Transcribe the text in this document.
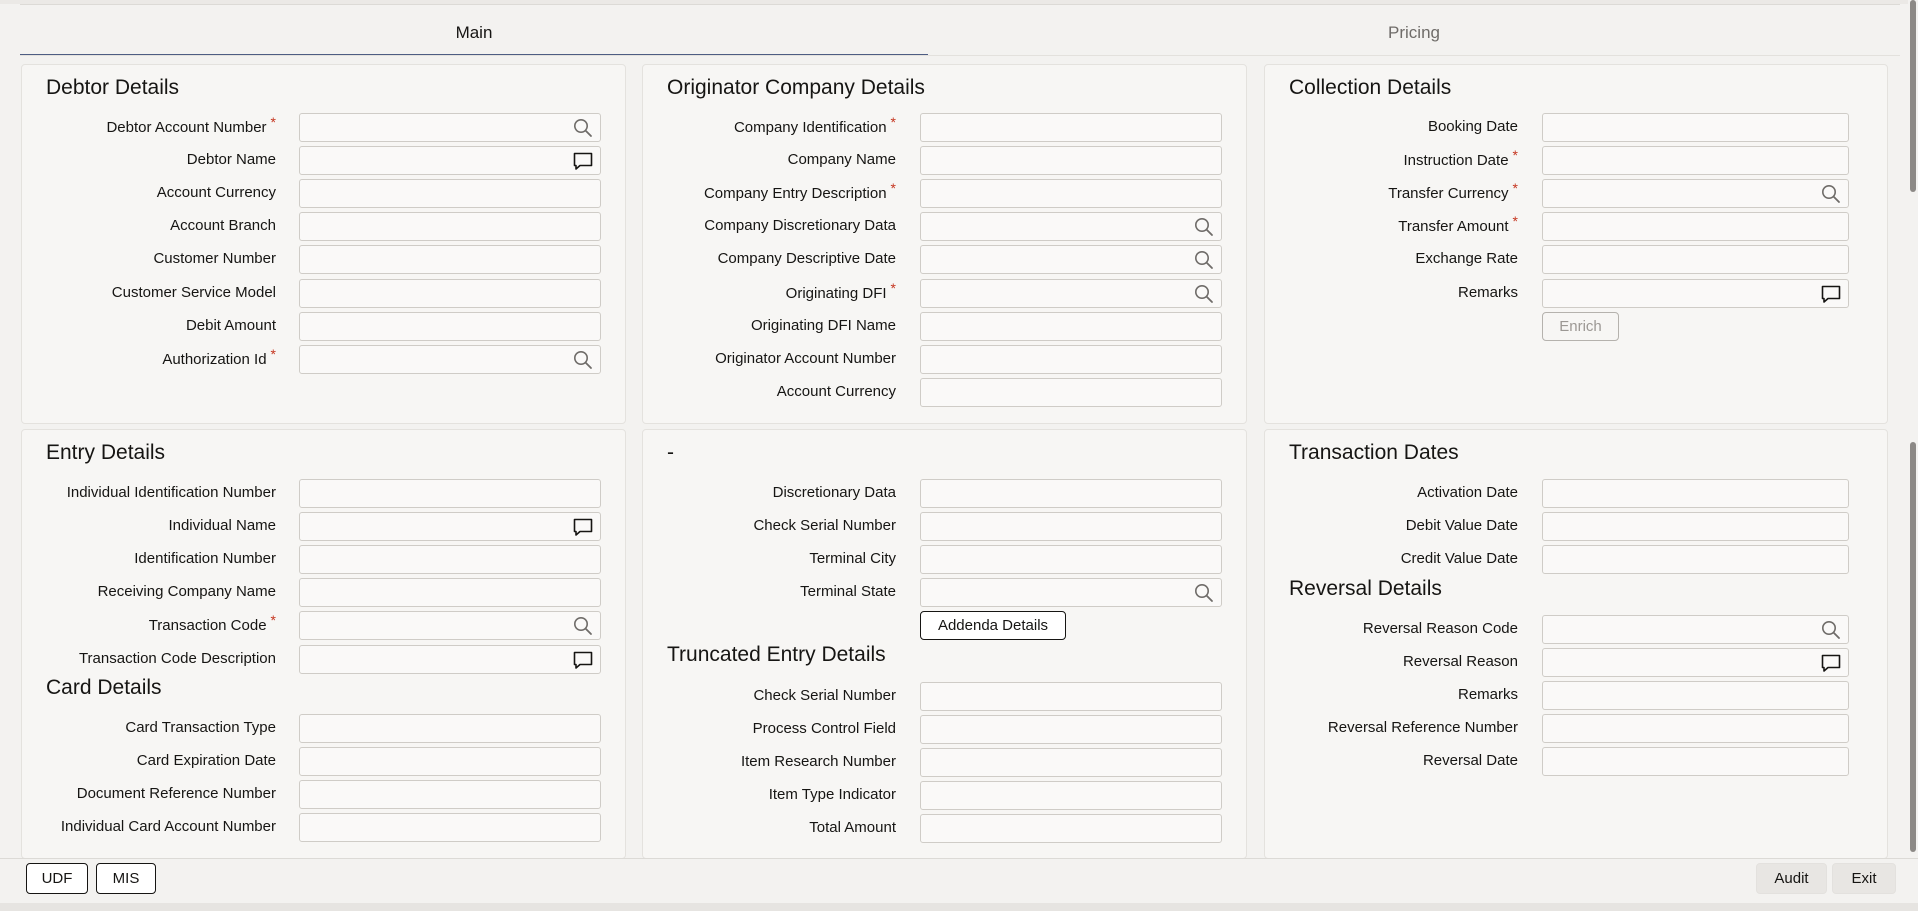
Main	Pricing
Debtor Details	Originator Company Details	Collection Details
Entry Details
Card Details
-
Truncated Entry Details
Transaction Dates
Reversal Details
Debtor Account Number *
Debtor Name
Account Currency
Account Branch
Customer Number
Customer Service Model
Debit Amount
Authorization Id *
Company Identification *
Company Name
Company Entry Description *
Company Discretionary Data
Company Descriptive Date
Originating DFI *
Originating DFI Name
Originator Account Number
Account Currency
Booking Date
Instruction Date *
Transfer Currency *
Transfer Amount *
Exchange Rate
Remarks
Individual Identification Number
Individual Name
Identification Number
Receiving Company Name
Transaction Code *
Transaction Code Description
Card Transaction Type
Card Expiration Date
Document Reference Number
Individual Card Account Number
Discretionary Data
Check Serial Number
Terminal City
Terminal State
Check Serial Number
Process Control Field
Item Research Number
Item Type Indicator
Total Amount
Activation Date
Debit Value Date
Credit Value Date
Reversal Reason Code
Reversal Reason
Remarks
Reversal Reference Number
Reversal Date
Enrich
Addenda Details
UDF	MIS	Audit	Exit
